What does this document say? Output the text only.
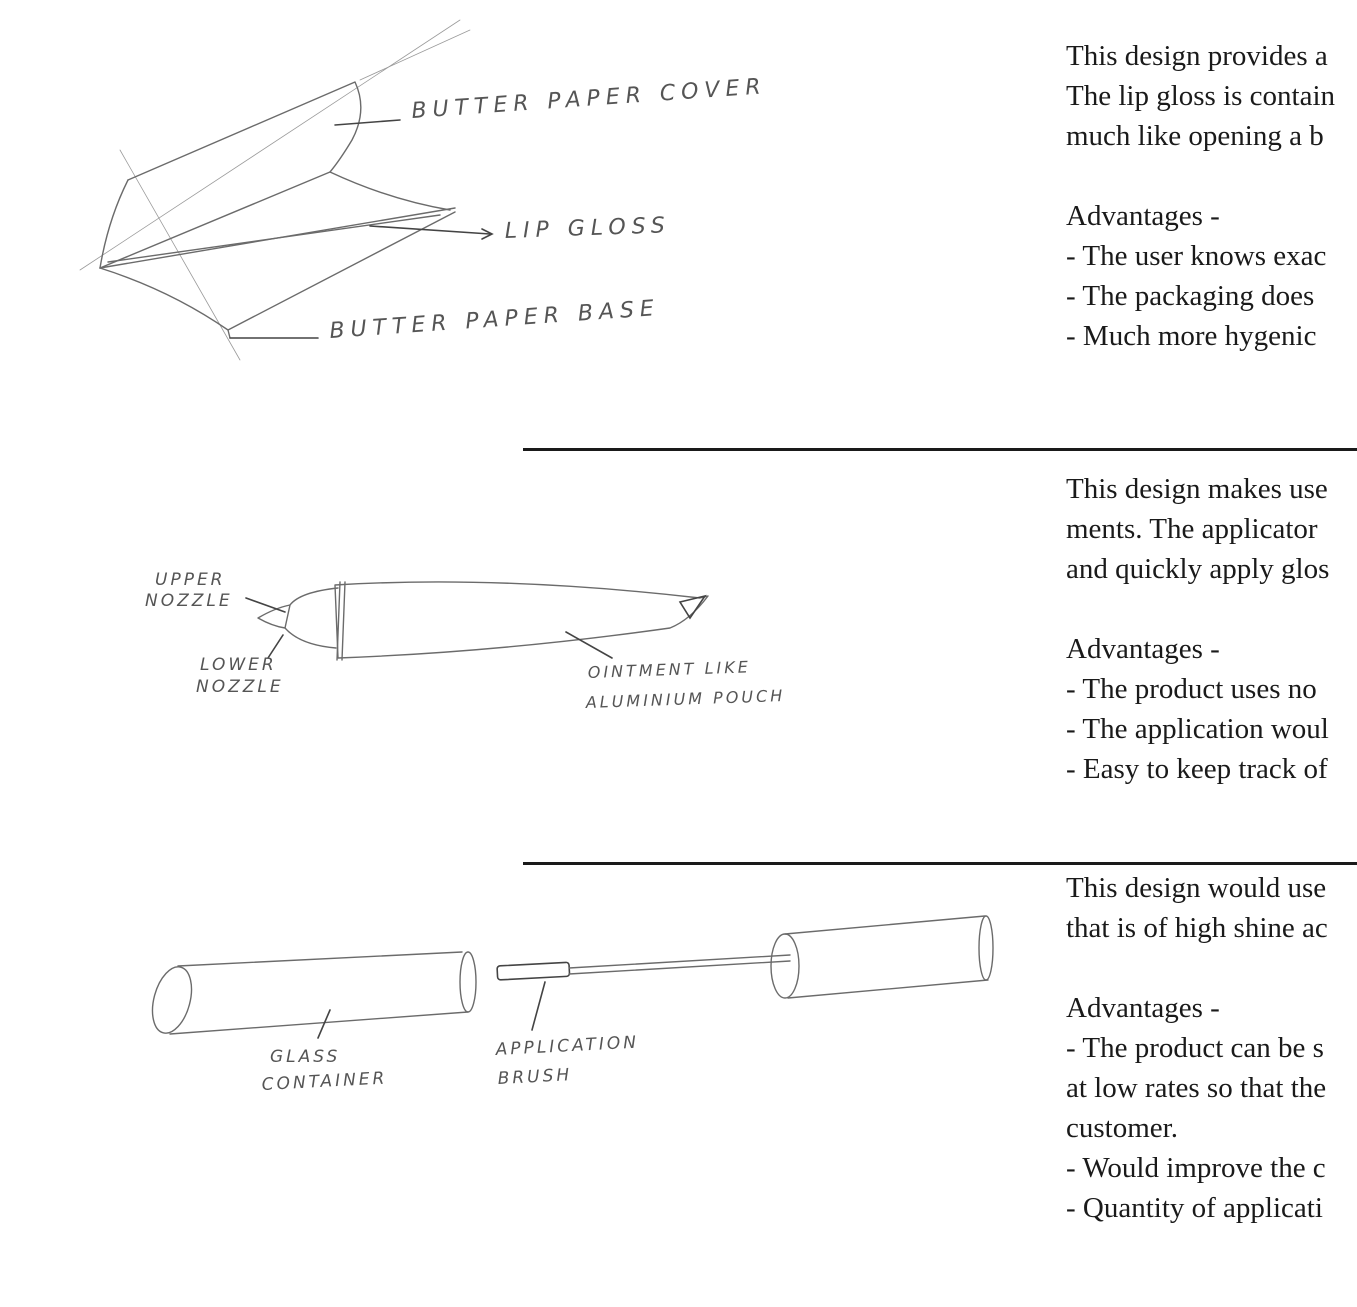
BUTTER PAPER COVER
LIP GLOSS
BUTTER PAPER BASE

This design provides a

The lip gloss is contain

much like opening a b

Advantages -

- The user knows exac

- The packaging does

- Much more hygenic

UPPER
NOZZLE
LOWER
NOZZLE
OINTMENT LIKE
ALUMINIUM POUCH

This design makes use

ments. The applicator

and quickly apply glos

Advantages -

- The product uses no

- The application woul

- Easy to keep track of

GLASS
CONTAINER
APPLICATION
BRUSH

This design would use

that is of high shine ac

Advantages -

- The product can be s

at low rates so that the

customer.

- Would improve the c

- Quantity of applicati
